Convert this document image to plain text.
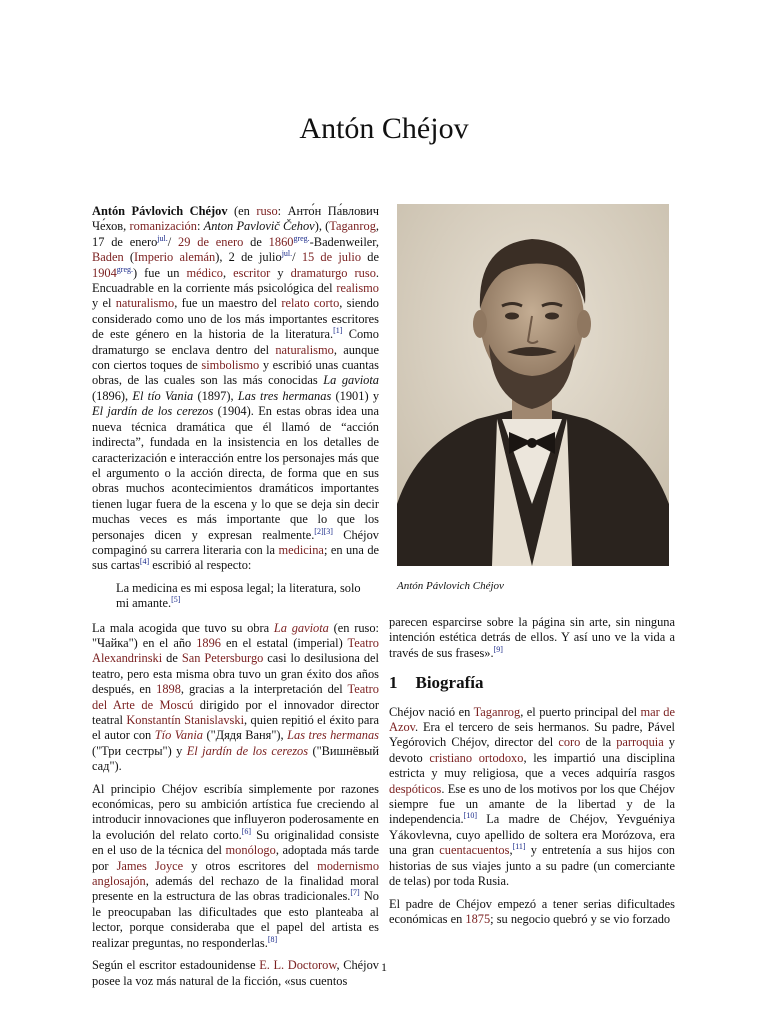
Antón Chéjov

Antón Pávlovich Chéjov (en ruso: Анто́н Па́влович Че́хов, romanización: Anton Pavlovič Čehov), (Taganrog, 17 de enero$^{jul.}$/ 29 de enero de $1860^{greg.}$-Badenweiler, Baden (Imperio alemán), 2 de julio$^{jul.}$/ 15 de julio de $1904^{greg.}$) fue un médico, escritor y dramaturgo ruso. Encuadrable en la corriente más psicológica del realismo y el naturalismo, fue un maestro del relato corto, siendo considerado como uno de los más importantes escritores de este género en la historia de la literatura.[1] Como dramaturgo se enclava dentro del naturalismo, aunque con ciertos toques de simbolismo y escribió unas cuantas obras, de las cuales son las más conocidas La gaviota (1896), El tío Vania (1897), Las tres hermanas (1901) y El jardín de los cerezos (1904). En estas obras idea una nueva técnica dramática que él llamó de “acción indirecta”, fundada en la insistencia en los detalles de caracterización e interacción entre los personajes más que el argumento o la acción directa, de forma que en sus obras muchos acontecimientos dramáticos importantes tienen lugar fuera de la escena y lo que se deja sin decir muchas veces es más importante que lo que los personajes dicen y expresan realmente.[2][3] Chéjov compaginó su carrera literaria con la medicina; en una de sus cartas[4] escribió al respecto:

La medicina es mi esposa legal; la literatura, solo mi amante.[5]

La mala acogida que tuvo su obra La gaviota (en ruso: "Чайка") en el año 1896 en el estatal (imperial) Teatro Alexandrinski de San Petersburgo casi lo desilusiona del teatro, pero esta misma obra tuvo un gran éxito dos años después, en 1898, gracias a la interpretación del Teatro del Arte de Moscú dirigido por el innovador director teatral Konstantín Stanislavski, quien repitió el éxito para el autor con Tío Vania ("Дядя Ваня"), Las tres hermanas ("Три сестры") y El jardín de los cerezos ("Вишнёвый сад").

Al principio Chéjov escribía simplemente por razones económicas, pero su ambición artística fue creciendo al introducir innovaciones que influyeron poderosamente en la evolución del relato corto.[6] Su originalidad consiste en el uso de la técnica del monólogo, adoptada más tarde por James Joyce y otros escritores del modernismo anglosajón, además del rechazo de la finalidad moral presente en la estructura de las obras tradicionales.[7] No le preocupaban las dificultades que esto planteaba al lector, porque consideraba que el papel del artista es realizar preguntas, no responderlas.[8]

Según el escritor estadounidense E. L. Doctorow, Chéjov posee la voz más natural de la ficción, «sus cuentos

Antón Pávlovich Chéjov

parecen esparcirse sobre la página sin arte, sin ninguna intención estética detrás de ellos. Y así uno ve la vida a través de sus frases».[9]

1 Biografía

Chéjov nació en Taganrog, el puerto principal del mar de Azov. Era el tercero de seis hermanos. Su padre, Pável Yegórovich Chéjov, director del coro de la parroquia y devoto cristiano ortodoxo, les impartió una disciplina estricta y muy religiosa, que a veces adquiría rasgos despóticos. Ese es uno de los motivos por los que Chéjov siempre fue un amante de la libertad y de la independencia.[10] La madre de Chéjov, Yevguéniya Yákovlevna, cuyo apellido de soltera era Morózova, era una gran cuentacuentos,[11] y entretenía a sus hijos con historias de sus viajes junto a su padre (un comerciante de telas) por toda Rusia.

El padre de Chéjov empezó a tener serias dificultades económicas en 1875; su negocio quebró y se vio forzado

1
